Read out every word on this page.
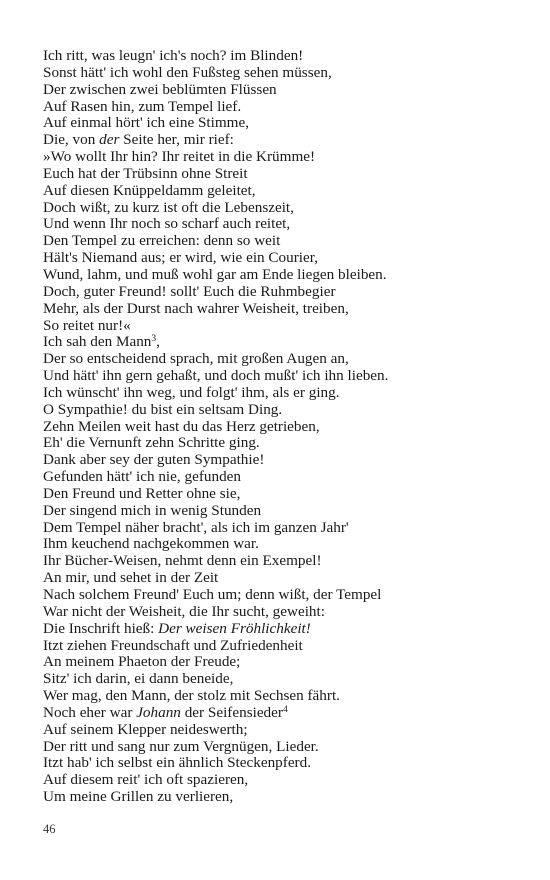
Ich ritt, was leugn' ich's noch? im Blinden!
Sonst hätt' ich wohl den Fußsteg sehen müssen,
Der zwischen zwei beblümten Flüssen
Auf Rasen hin, zum Tempel lief.
Auf einmal hört' ich eine Stimme,
Die, von der Seite her, mir rief:
»Wo wollt Ihr hin? Ihr reitet in die Krümme!
Euch hat der Trübsinn ohne Streit
Auf diesen Knüppeldamm geleitet,
Doch wißt, zu kurz ist oft die Lebenszeit,
Und wenn Ihr noch so scharf auch reitet,
Den Tempel zu erreichen: denn so weit
Hält's Niemand aus; er wird, wie ein Courier,
Wund, lahm, und muß wohl gar am Ende liegen bleiben.
Doch, guter Freund! sollt' Euch die Ruhmbegier
Mehr, als der Durst nach wahrer Weisheit, treiben,
So reitet nur!«
Ich sah den Mann$^3$,
Der so entscheidend sprach, mit großen Augen an,
Und hätt' ihn gern gehaßt, und doch mußt' ich ihn lieben.
Ich wünscht' ihn weg, und folgt' ihm, als er ging.
O Sympathie! du bist ein seltsam Ding.
Zehn Meilen weit hast du das Herz getrieben,
Eh' die Vernunft zehn Schritte ging.
Dank aber sey der guten Sympathie!
Gefunden hätt' ich nie, gefunden
Den Freund und Retter ohne sie,
Der singend mich in wenig Stunden
Dem Tempel näher bracht', als ich im ganzen Jahr'
Ihm keuchend nachgekommen war.
Ihr Bücher-Weisen, nehmt denn ein Exempel!
An mir, und sehet in der Zeit
Nach solchem Freund' Euch um; denn wißt, der Tempel
War nicht der Weisheit, die Ihr sucht, geweiht:
Die Inschrift hieß: Der weisen Fröhlichkeit!
Itzt ziehen Freundschaft und Zufriedenheit
An meinem Phaeton der Freude;
Sitz' ich darin, ei dann beneide,
Wer mag, den Mann, der stolz mit Sechsen fährt.
Noch eher war Johann der Seifensieder$^4$
Auf seinem Klepper neideswerth;
Der ritt und sang nur zum Vergnügen, Lieder.
Itzt hab' ich selbst ein ähnlich Steckenpferd.
Auf diesem reit' ich oft spazieren,
Um meine Grillen zu verlieren,
46
